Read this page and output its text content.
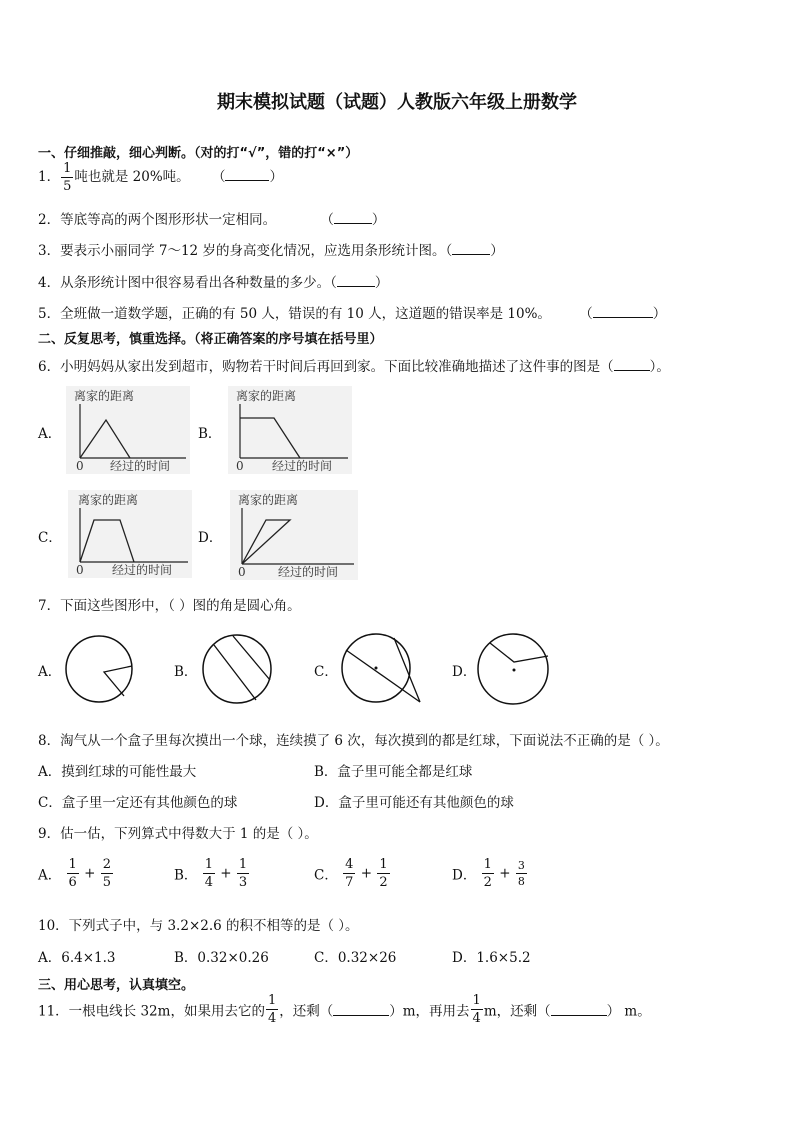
期末模拟试题（试题）人教版六年级上册数学
一、仔细推敲，细心判断。（对的打“√”，错的打“×”）
1． $\frac{1}{5}$ 吨也就是 20%吨。 （	）
2．等底等高的两个图形形状一定相同。	（	）
3．要表示小丽同学 7～12 岁的身高变化情况，应选用条形统计图。（	）
4．从条形统计图中很容易看出各种数量的多少。（	）
5．全班做一道数学题，正确的有 50 人，错误的有 10 人，这道题的错误率是 10%。 （	）
二、反复思考，慎重选择。（将正确答案的序号填在括号里）
6．小明妈妈从家出发到超市，购物若干时间后再回到家。下面比较准确地描述了这件事的图是（	）。
A．
离家的距离
0 经过的时间
B．
离家的距离
0 经过的时间
C．
离家的距离
0 经过的时间
D．
离家的距离
0	经过的时间
7．下面这些图形中，（ ）图的角是圆心角。
A．	B．	C．	D．
8．淘气从一个盒子里每次摸出一个球，连续摸了 6 次，每次摸到的都是红球，下面说法不正确的是（ ）。
A．摸到红球的可能性最大	B．盒子里可能全都是红球
C．盒子里一定还有其他颜色的球	D．盒子里可能还有其他颜色的球
9．估一估，下列算式中得数大于 1 的是（ ）。
A． $\frac{1}{6} + \frac{2}{5}$	B． $\frac{1}{4} + \frac{1}{3}$	C． $\frac{4}{7} + \frac{1}{2}$	D． $\frac{1}{2} + \frac{3}{8}$
10．下列式子中，与 3.2×2.6 的积不相等的是（ ）。
A．6.4×1.3	B．0.32×0.26	C．0.32×26	D．1.6×5.2
三、用心思考，认真填空。
11．一根电线长 32m，如果用去它的 $\frac{1}{4}$ ，还剩（	）m，再用去 $\frac{1}{4}$ m，还剩（	） m。
